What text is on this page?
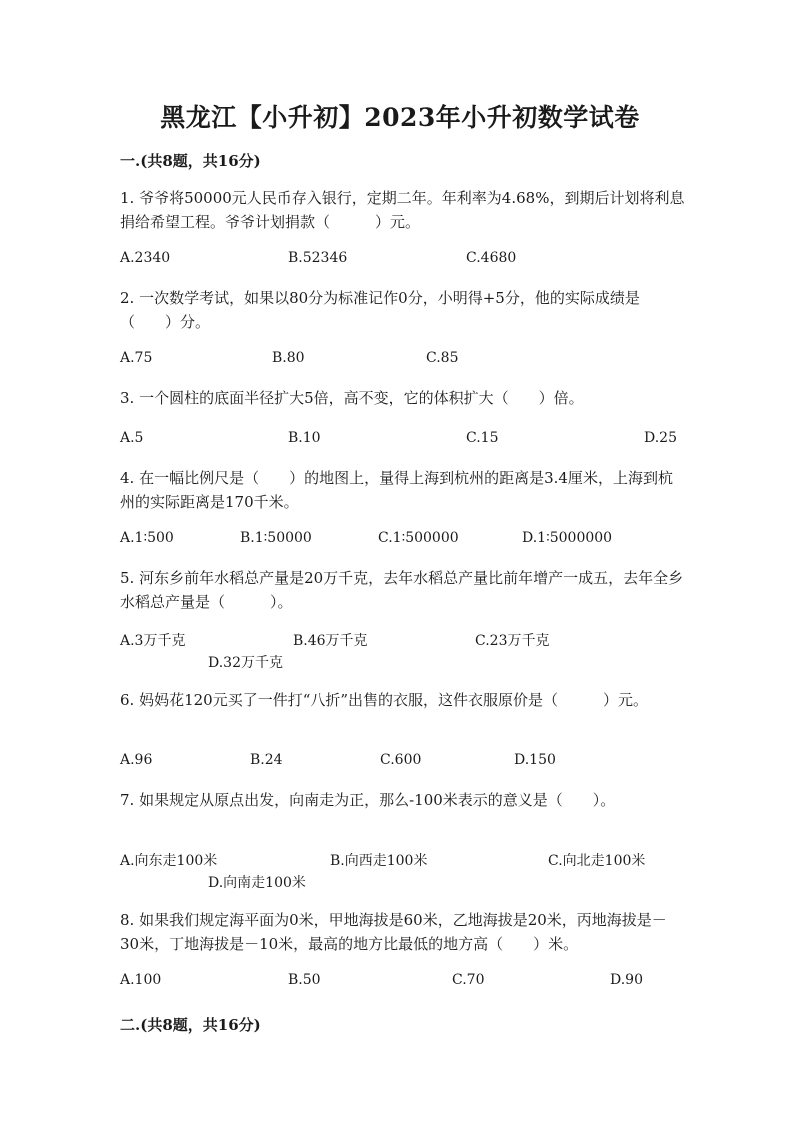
黑龙江【小升初】2023年小升初数学试卷
一.(共8题，共16分)
1. 爷爷将50000元人民币存入银行，定期二年。年利率为4.68%，到期后计划将利息捐给希望工程。爷爷计划捐款（　　　）元。
A.2340	B.52346	C.4680
2. 一次数学考试，如果以80分为标准记作0分，小明得+5分，他的实际成绩是（　　）分。
A.75	B.80	C.85
3. 一个圆柱的底面半径扩大5倍，高不变，它的体积扩大（　　）倍。
A.5	B.10	C.15	D.25
4. 在一幅比例尺是（　　）的地图上，量得上海到杭州的距离是3.4厘米，上海到杭州的实际距离是170千米。
A.1∶500	B.1∶50000	C.1∶500000	D.1∶5000000
5. 河东乡前年水稻总产量是20万千克，去年水稻总产量比前年增产一成五，去年全乡水稻总产量是（　　　）。
A.3万千克	B.46万千克	C.23万千克
D.32万千克
6. 妈妈花120元买了一件打“八折”出售的衣服，这件衣服原价是（　　　）元。
A.96	B.24	C.600	D.150
7. 如果规定从原点出发，向南走为正，那么-100米表示的意义是（　　）。
A.向东走100米	B.向西走100米	C.向北走100米
D.向南走100米
8. 如果我们规定海平面为0米，甲地海拔是60米，乙地海拔是20米，丙地海拔是－30米，丁地海拔是－10米，最高的地方比最低的地方高（　　）米。
A.100	B.50	C.70	D.90
二.(共8题，共16分)
